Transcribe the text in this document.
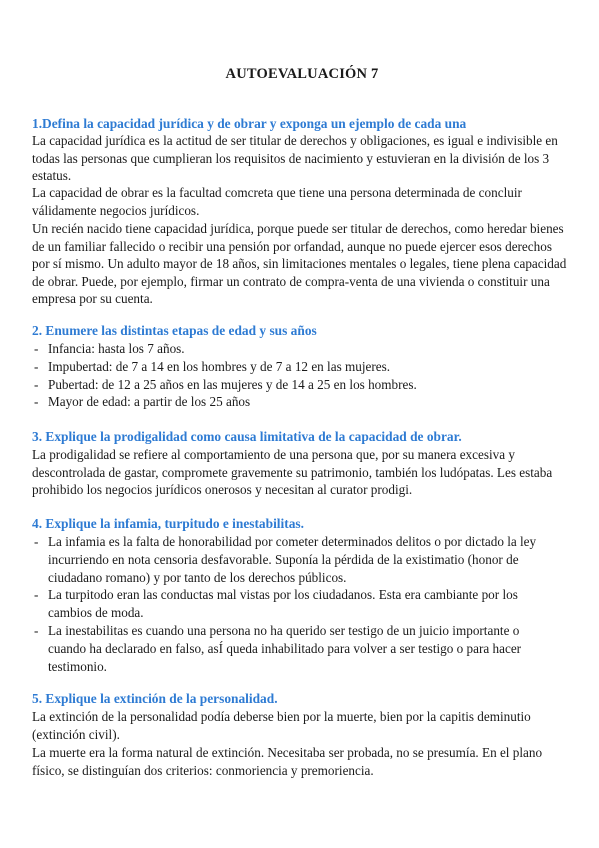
AUTOEVALUACIÓN 7
1.Defina la capacidad jurídica y de obrar y exponga un ejemplo de cada una

La capacidad jurídica es la actitud de ser titular de derechos y obligaciones, es igual e indivisible en todas las personas que cumplieran los requisitos de nacimiento y estuvieran en la división de los 3 estatus.

La capacidad de obrar es la facultad comcreta que tiene una persona determinada de concluir válidamente negocios jurídicos.

Un recién nacido tiene capacidad jurídica, porque puede ser titular de derechos, como heredar bienes de un familiar fallecido o recibir una pensión por orfandad, aunque no puede ejercer esos derechos por sí mismo. Un adulto mayor de 18 años, sin limitaciones mentales o legales, tiene plena capacidad de obrar. Puede, por ejemplo, firmar un contrato de compra-venta de una vivienda o constituir una empresa por su cuenta.

2. Enumere las distintas etapas de edad y sus años
- Infancia: hasta los 7 años.
- Impubertad: de 7 a 14 en los hombres y de 7 a 12 en las mujeres.
- Pubertad: de 12 a 25 años en las mujeres y de 14 a 25 en los hombres.
- Mayor de edad: a partir de los 25 años
3. Explique la prodigalidad como causa limitativa de la capacidad de obrar.

La prodigalidad se refiere al comportamiento de una persona que, por su manera excesiva y descontrolada de gastar, compromete gravemente su patrimonio, también los ludópatas. Les estaba prohibido los negocios jurídicos onerosos y necesitan al curator prodigi.

4. Explique la infamia, turpitudo e inestabilitas.
- La infamia es la falta de honorabilidad por cometer determinados delitos o por dictado la ley incurriendo en nota censoria desfavorable. Suponía la pérdida de la existimatio (honor de ciudadano romano) y por tanto de los derechos públicos.
- La turpitodo eran las conductas mal vistas por los ciudadanos. Esta era cambiante por los cambios de moda.
- La inestabilitas es cuando una persona no ha querido ser testigo de un juicio importante o cuando ha declarado en falso, asÍ queda inhabilitado para volver a ser testigo o para hacer testimonio.
5. Explique la extinción de la personalidad.

La extinción de la personalidad podía deberse bien por la muerte, bien por la capitis deminutio (extinción civil).

La muerte era la forma natural de extinción. Necesitaba ser probada, no se presumía. En el plano físico, se distinguían dos criterios: conmoriencia y premoriencia.
